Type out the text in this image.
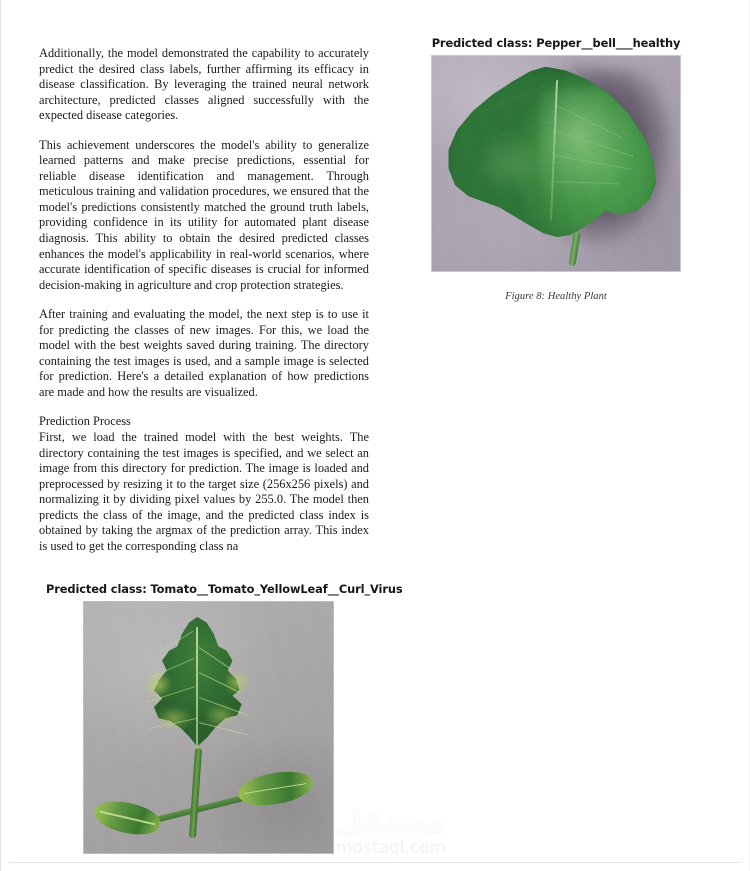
Additionally, the model demonstrated the capability to accurately predict the desired class labels, further affirming its efficacy in disease classification. By leveraging the trained neural network architecture, predicted classes aligned successfully with the expected disease categories.

This achievement underscores the model's ability to generalize learned patterns and make precise predictions, essential for reliable disease identification and management. Through meticulous training and validation procedures, we ensured that the model's predictions consistently matched the ground truth labels, providing confidence in its utility for automated plant disease diagnosis. This ability to obtain the desired predicted classes enhances the model's applicability in real-world scenarios, where accurate identification of specific diseases is crucial for informed decision-making in agriculture and crop protection strategies.

After training and evaluating the model, the next step is to use it for predicting the classes of new images. For this, we load the model with the best weights saved during training. The directory containing the test images is used, and a sample image is selected for prediction. Here's a detailed explanation of how predictions are made and how the results are visualized.

Prediction Process

First, we load the trained model with the best weights. The directory containing the test images is specified, and we select an image from this directory for prediction. The image is loaded and preprocessed by resizing it to the target size (256x256 pixels) and normalizing it by dividing pixel values by 255.0. The model then predicts the class of the image, and the predicted class index is obtained by taking the argmax of the prediction array. This index is used to get the corresponding class na

Predicted class: Pepper__bell___healthy
Figure 8: Healthy Plant
Predicted class: Tomato__Tomato_YellowLeaf__Curl_Virus
مستقل
mostaql.com
